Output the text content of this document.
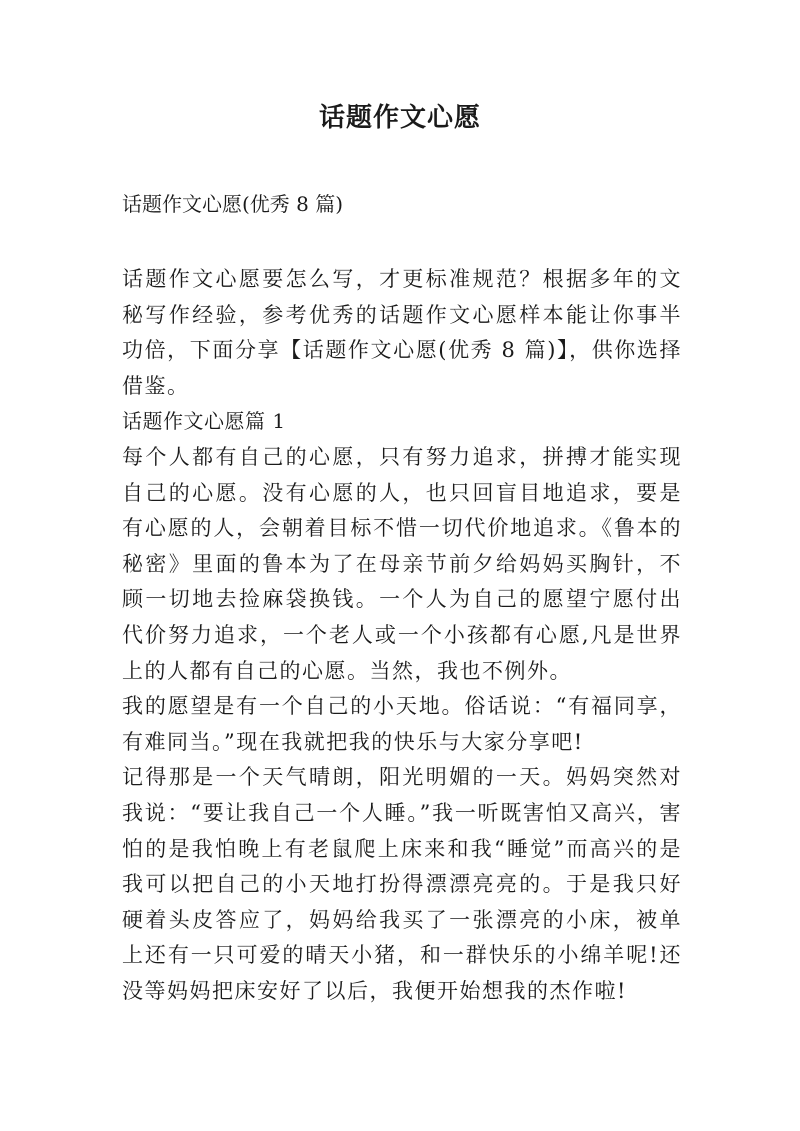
话题作文心愿
话题作文心愿(优秀 8 篇)

话题作文心愿要怎么写，才更标准规范？根据多年的文秘写作经验，参考优秀的话题作文心愿样本能让你事半功倍，下面分享【话题作文心愿(优秀 8 篇)】，供你选择借鉴。

话题作文心愿篇 1

每个人都有自己的心愿，只有努力追求，拼搏才能实现自己的心愿。没有心愿的人，也只回盲目地追求，要是有心愿的人，会朝着目标不惜一切代价地追求。《鲁本的秘密》里面的鲁本为了在母亲节前夕给妈妈买胸针，不顾一切地去捡麻袋换钱。一个人为自己的愿望宁愿付出代价努力追求，一个老人或一个小孩都有心愿,凡是世界上的人都有自己的心愿。当然，我也不例外。

我的愿望是有一个自己的小天地。俗话说：“有福同享，有难同当。”现在我就把我的快乐与大家分享吧!

记得那是一个天气晴朗，阳光明媚的一天。妈妈突然对我说：“要让我自己一个人睡。”我一听既害怕又高兴，害怕的是我怕晚上有老鼠爬上床来和我“睡觉”而高兴的是我可以把自己的小天地打扮得漂漂亮亮的。于是我只好硬着头皮答应了，妈妈给我买了一张漂亮的小床，被单上还有一只可爱的晴天小猪，和一群快乐的小绵羊呢!还没等妈妈把床安好了以后，我便开始想我的杰作啦!
